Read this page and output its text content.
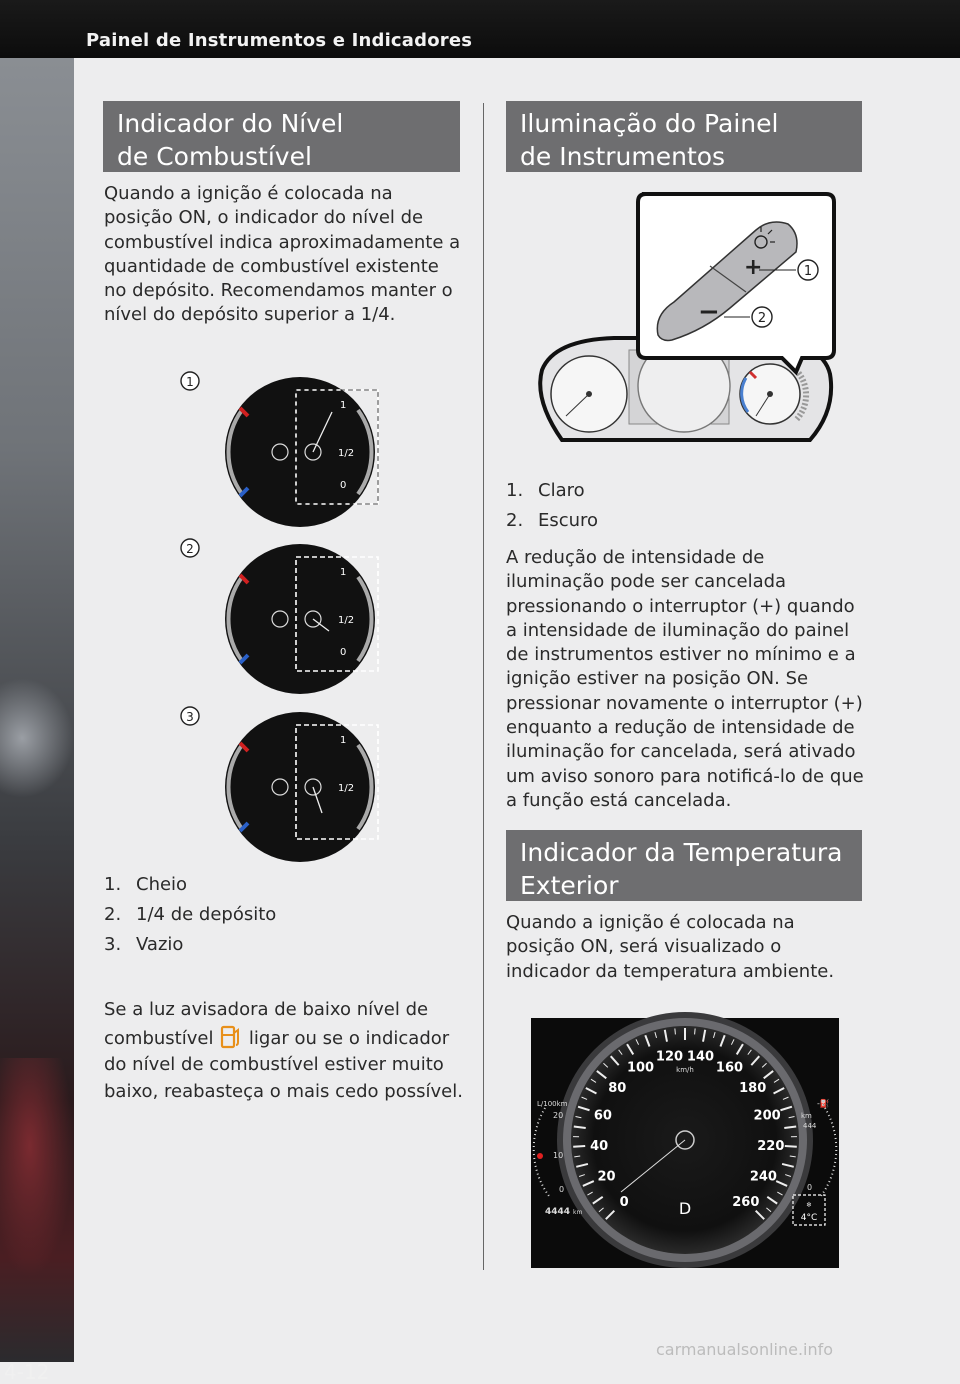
Painel de Instrumentos e Indicadores
4-12
Indicador do Nível
de Combustível
Quando a ignição é colocada na posição ON, o indicador do nível de combustível indica aproximadamente a quantidade de combustível existente no depósito. Recomendamos manter o nível do depósito superior a 1/4.
1
1
1/2
0
2
1
1/2
0
3
1
1/2
1. Cheio
2. 1/4 de depósito
3. Vazio
Se a luz avisadora de baixo nível de combustível ligar ou se o indicador do nível de combustível estiver muito baixo, reabasteça o mais cedo possível.
Iluminação do Painel
de Instrumentos
+
−
1
2
1. Claro
2. Escuro
A redução de intensidade de iluminação pode ser cancelada pressionando o interruptor (+) quando a intensidade de iluminação do painel de instrumentos estiver no mínimo e a ignição estiver na posição ON. Se pressionar novamente o interruptor (+) enquanto a redução de intensidade de iluminação for cancelada, será ativado um aviso sonoro para notificá-lo de que a função está cancelada.
Indicador da Temperatura
Exterior
Quando a ignição é colocada na posição ON, será visualizado o indicador da temperatura ambiente.
0
20
40
60
80
100
120 140
160
180
200
220
240
260
km/h
D
L/100km
20
10
0
4444 km
-⛽
km
444
0
❄
4°C
carmanualsonline.info
